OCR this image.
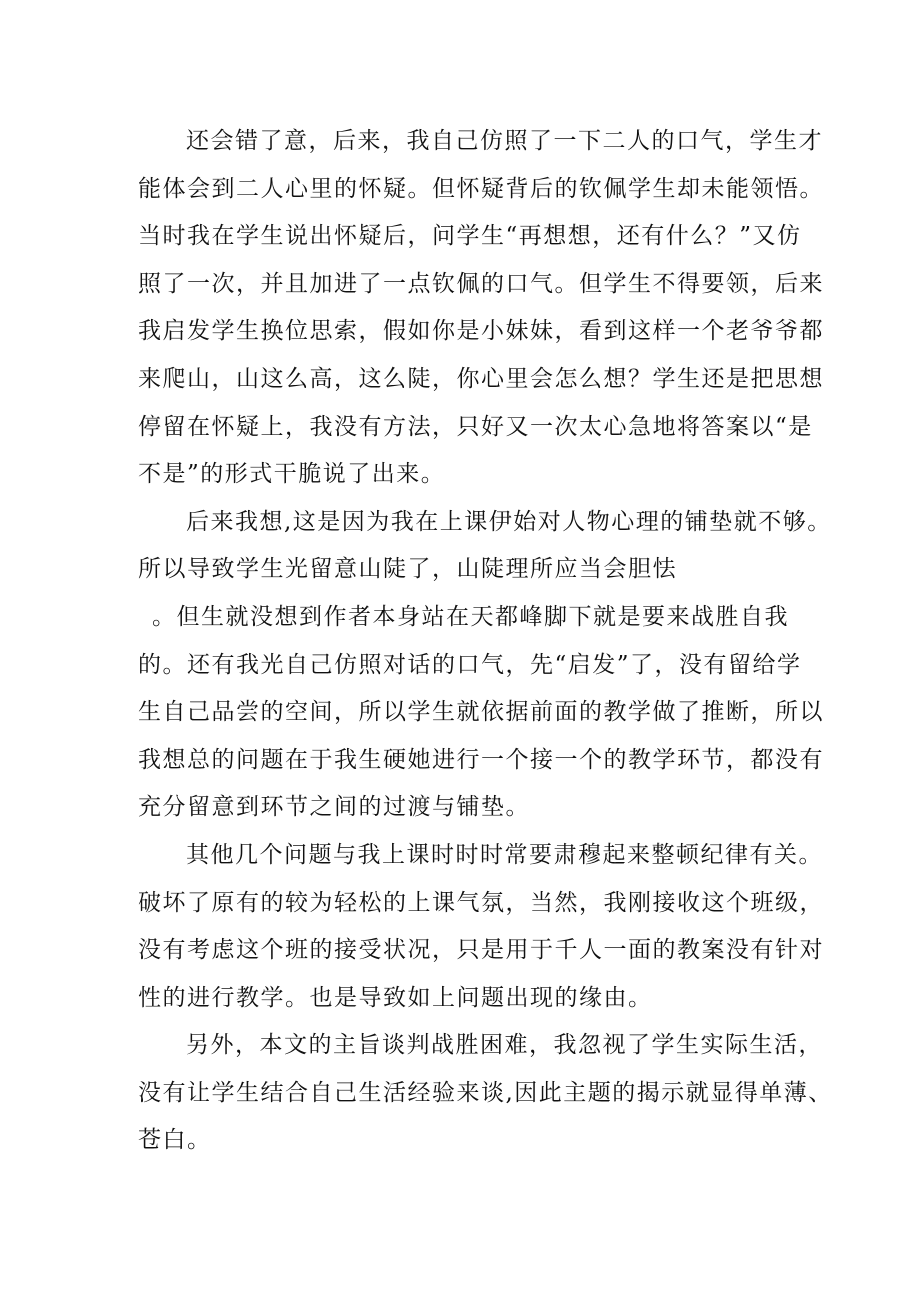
还会错了意，后来，我自己仿照了一下二人的口气，学生才
能体会到二人心里的怀疑。但怀疑背后的钦佩学生却未能领悟。
当时我在学生说出怀疑后，问学生“再想想，还有什么？”又仿
照了一次，并且加进了一点钦佩的口气。但学生不得要领，后来
我启发学生换位思索，假如你是小妹妹，看到这样一个老爷爷都
来爬山，山这么高，这么陡，你心里会怎么想？学生还是把思想
停留在怀疑上，我没有方法，只好又一次太心急地将答案以“是
不是”的形式干脆说了出来。
后来我想,这是因为我在上课伊始对人物心理的铺垫就不够。
所以导致学生光留意山陡了，山陡理所应当会胆怯
。但生就没想到作者本身站在天都峰脚下就是要来战胜自我
的。还有我光自己仿照对话的口气，先“启发”了，没有留给学
生自己品尝的空间，所以学生就依据前面的教学做了推断，所以
我想总的问题在于我生硬她进行一个接一个的教学环节，都没有
充分留意到环节之间的过渡与铺垫。
其他几个问题与我上课时时时常要肃穆起来整顿纪律有关。
破坏了原有的较为轻松的上课气氛，当然，我刚接收这个班级，
没有考虑这个班的接受状况，只是用于千人一面的教案没有针对
性的进行教学。也是导致如上问题出现的缘由。
另外，本文的主旨谈判战胜困难，我忽视了学生实际生活，
没有让学生结合自己生活经验来谈,因此主题的揭示就显得单薄、
苍白。
